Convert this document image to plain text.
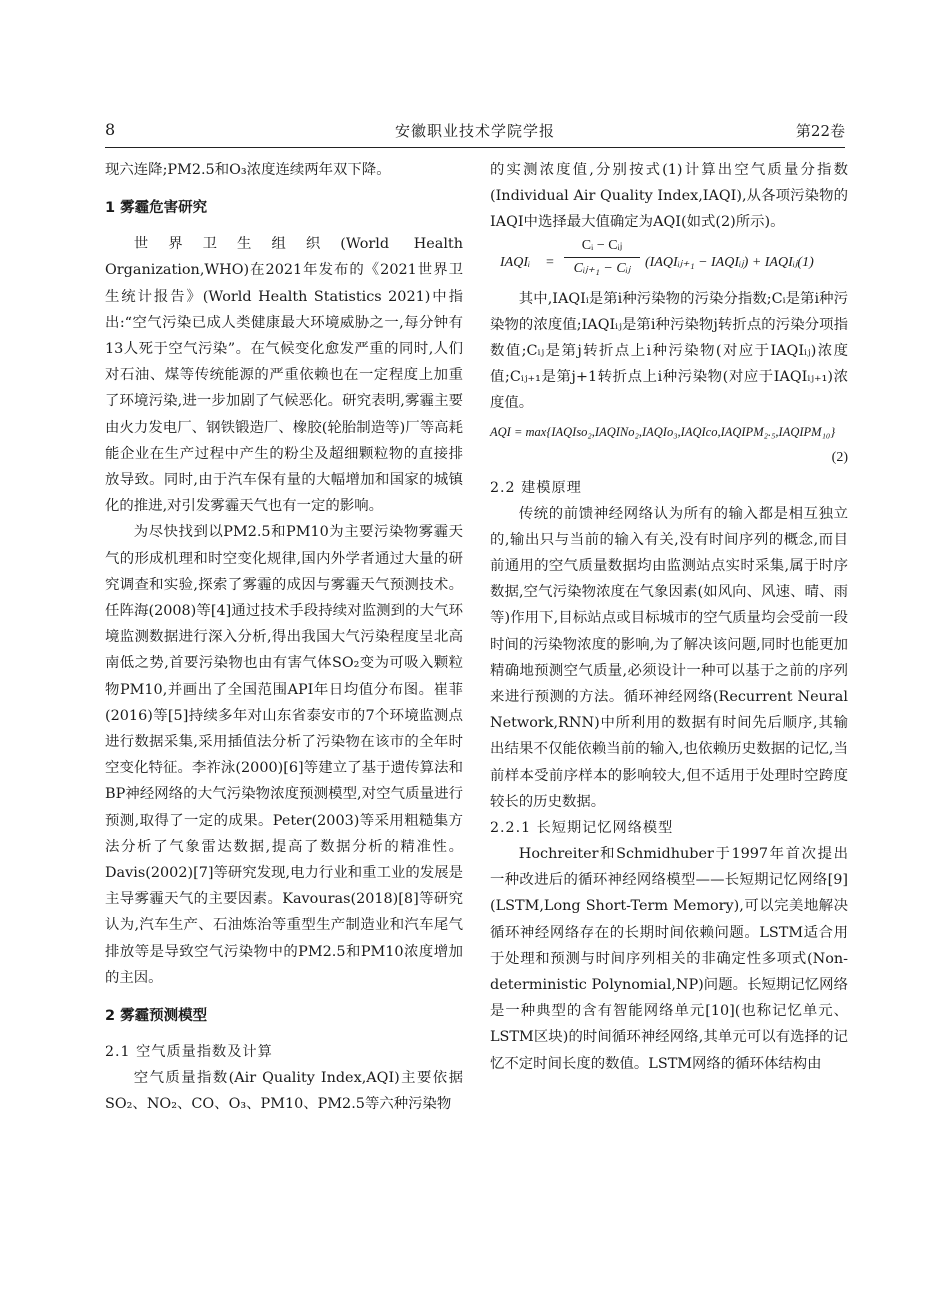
8	安徽职业技术学院学报	第22卷

现六连降;PM2.5和O₃浓度连续两年双下降。

1 雾霾危害研究

世界卫生组织(World Health Organization,WHO)在2021年发布的《2021世界卫生统计报告》(World Health Statistics 2021)中指出:“空气污染已成人类健康最大环境威胁之一,每分钟有13人死于空气污染”。在气候变化愈发严重的同时,人们对石油、煤等传统能源的严重依赖也在一定程度上加重了环境污染,进一步加剧了气候恶化。研究表明,雾霾主要由火力发电厂、钢铁锻造厂、橡胶(轮胎制造等)厂等高耗能企业在生产过程中产生的粉尘及超细颗粒物的直接排放导致。同时,由于汽车保有量的大幅增加和国家的城镇化的推进,对引发雾霾天气也有一定的影响。

为尽快找到以PM2.5和PM10为主要污染物雾霾天气的形成机理和时空变化规律,国内外学者通过大量的研究调查和实验,探索了雾霾的成因与雾霾天气预测技术。任阵海(2008)等[4]通过技术手段持续对监测到的大气环境监测数据进行深入分析,得出我国大气污染程度呈北高南低之势,首要污染物也由有害气体SO₂变为可吸入颗粒物PM10,并画出了全国范围API年日均值分布图。崔菲(2016)等[5]持续多年对山东省泰安市的7个环境监测点进行数据采集,采用插值法分析了污染物在该市的全年时空变化特征。李祚泳(2000)[6]等建立了基于遗传算法和BP神经网络的大气污染物浓度预测模型,对空气质量进行预测,取得了一定的成果。Peter(2003)等采用粗糙集方法分析了气象雷达数据,提高了数据分析的精准性。Davis(2002)[7]等研究发现,电力行业和重工业的发展是主导雾霾天气的主要因素。Kavouras(2018)[8]等研究认为,汽车生产、石油炼治等重型生产制造业和汽车尾气排放等是导致空气污染物中的PM2.5和PM10浓度增加的主因。

2 雾霾预测模型
2.1 空气质量指数及计算

空气质量指数(Air Quality Index,AQI)主要依据SO₂、NO₂、CO、O₃、PM10、PM2.5等六种污染物

的实测浓度值,分别按式(1)计算出空气质量分指数(Individual Air Quality Index,IAQI),从各项污染物的IAQI中选择最大值确定为AQI(如式(2)所示)。

IAQIᵢ =
Cᵢ − Cᵢⱼ
Cᵢⱼ₊₁ − Cᵢⱼ	(IAQIᵢⱼ₊₁ − IAQIᵢⱼ) + IAQIᵢⱼ(1)

其中,IAQIᵢ是第i种污染物的污染分指数;Cᵢ是第i种污染物的浓度值;IAQIᵢⱼ是第i种污染物j转折点的污染分项指数值;Cᵢⱼ是第j转折点上i种污染物(对应于IAQIᵢⱼ)浓度值;Cᵢⱼ₊₁是第j+1转折点上i种污染物(对应于IAQIᵢⱼ₊₁)浓度值。

AQI = max{IAQIso₂,IAQINo₂,IAQIo₃,IAQIco,IAQIPM₂.₅,IAQIPM₁₀}
(2)
2.2 建模原理

传统的前馈神经网络认为所有的输入都是相互独立的,输出只与当前的输入有关,没有时间序列的概念,而目前通用的空气质量数据均由监测站点实时采集,属于时序数据,空气污染物浓度在气象因素(如风向、风速、晴、雨等)作用下,目标站点或目标城市的空气质量均会受前一段时间的污染物浓度的影响,为了解决该问题,同时也能更加精确地预测空气质量,必须设计一种可以基于之前的序列来进行预测的方法。循环神经网络(Recurrent Neural Network,RNN)中所利用的数据有时间先后顺序,其输出结果不仅能依赖当前的输入,也依赖历史数据的记忆,当前样本受前序样本的影响较大,但不适用于处理时空跨度较长的历史数据。

2.2.1 长短期记忆网络模型

Hochreiter和Schmidhuber于1997年首次提出一种改进后的循环神经网络模型——长短期记忆网络[9](LSTM,Long Short-Term Memory),可以完美地解决循环神经网络存在的长期时间依赖问题。LSTM适合用于处理和预测与时间序列相关的非确定性多项式(Non-deterministic Polynomial,NP)问题。长短期记忆网络是一种典型的含有智能网络单元[10](也称记忆单元、LSTM区块)的时间循环神经网络,其单元可以有选择的记忆不定时间长度的数值。LSTM网络的循环体结构由
